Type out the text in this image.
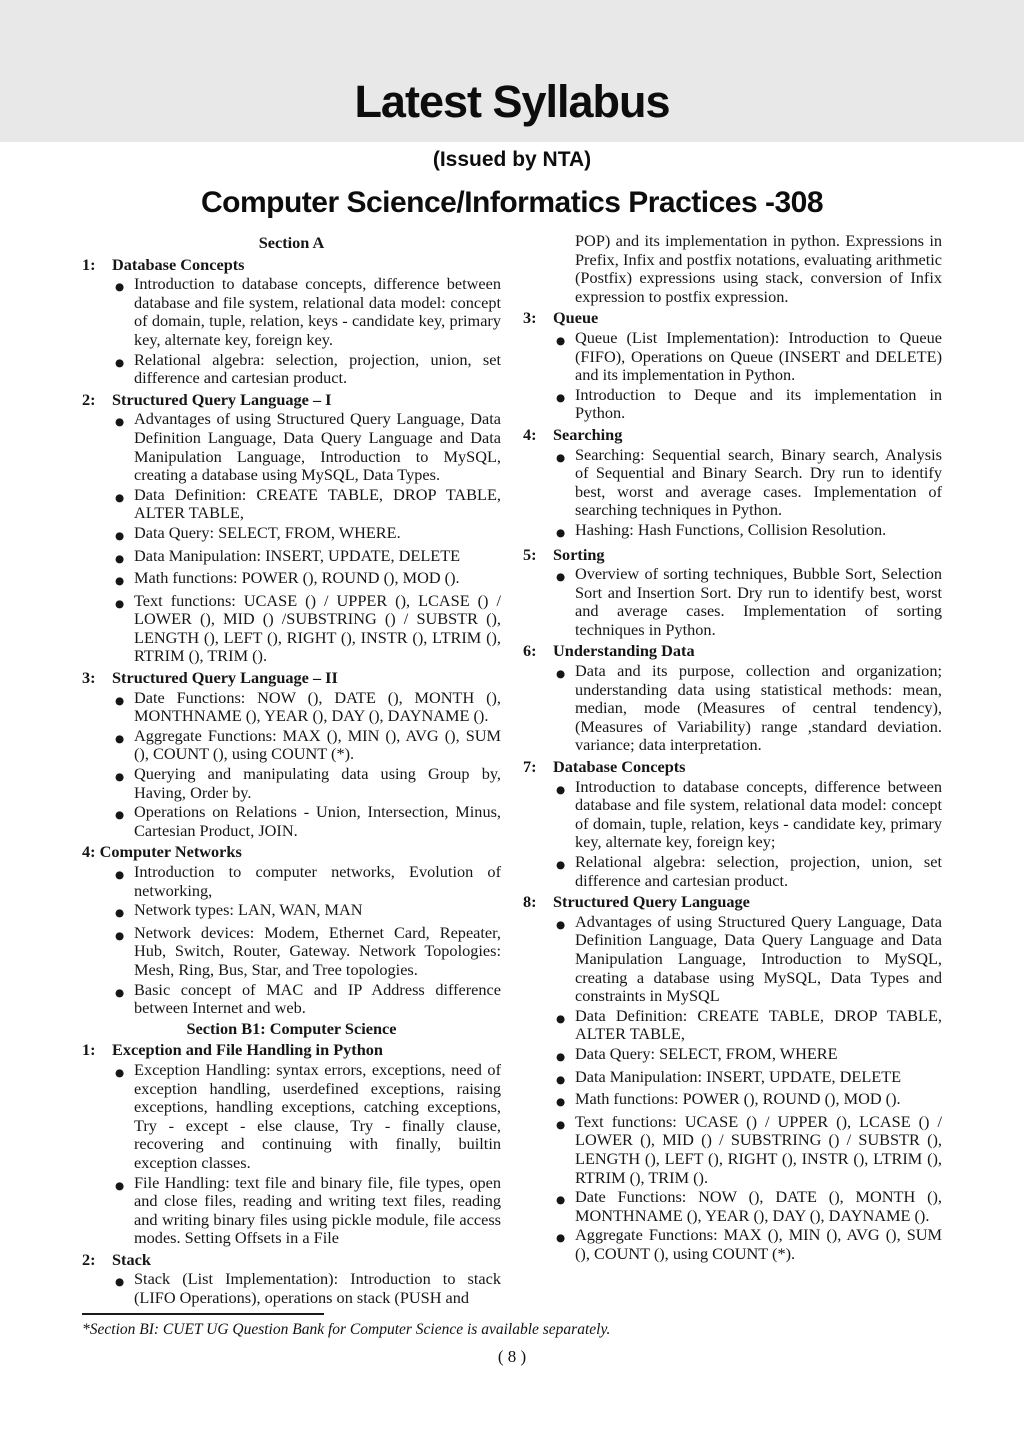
Latest Syllabus
(Issued by NTA)
Computer Science/Informatics Practices -308
Section A
1:	Database Concepts
● Introduction to database concepts, difference between database and file system, relational data model: concept of domain, tuple, relation, keys - candidate key, primary key, alternate key, foreign key.
● Relational algebra: selection, projection, union, set difference and cartesian product.
2:	Structured Query Language – I
● Advantages of using Structured Query Language, Data Definition Language, Data Query Language and Data Manipulation Language, Introduction to MySQL, creating a database using MySQL, Data Types.
● Data Definition: CREATE TABLE, DROP TABLE, ALTER TABLE,
● Data Query: SELECT, FROM, WHERE.
● Data Manipulation: INSERT, UPDATE, DELETE
● Math functions: POWER (), ROUND (), MOD ().
● Text functions: UCASE () / UPPER (), LCASE () / LOWER (), MID () /SUBSTRING () / SUBSTR (), LENGTH (), LEFT (), RIGHT (), INSTR (), LTRIM (), RTRIM (), TRIM ().
3:	Structured Query Language – II
● Date Functions: NOW (), DATE (), MONTH (), MONTHNAME (), YEAR (), DAY (), DAYNAME ().
● Aggregate Functions: MAX (), MIN (), AVG (), SUM (), COUNT (), using COUNT (*).
● Querying and manipulating data using Group by, Having, Order by.
● Operations on Relations - Union, Intersection, Minus, Cartesian Product, JOIN.
4: Computer Networks
● Introduction to computer networks, Evolution of networking,
● Network types: LAN, WAN, MAN
● Network devices: Modem, Ethernet Card, Repeater, Hub, Switch, Router, Gateway. Network Topologies: Mesh, Ring, Bus, Star, and Tree topologies.
● Basic concept of MAC and IP Address difference between Internet and web.
Section B1: Computer Science
1:	Exception and File Handling in Python
● Exception Handling: syntax errors, exceptions, need of exception handling, userdefined exceptions, raising exceptions, handling exceptions, catching exceptions, Try - except - else clause, Try - finally clause, recovering and continuing with finally, builtin exception classes.
● File Handling: text file and binary file, file types, open and close files, reading and writing text files, reading and writing binary files using pickle module, file access modes. Setting Offsets in a File
2:	Stack
● Stack (List Implementation): Introduction to stack (LIFO Operations), operations on stack (PUSH and
POP) and its implementation in python. Expressions in Prefix, Infix and postfix notations, evaluating arithmetic (Postfix) expressions using stack, conversion of Infix expression to postfix expression.
3:	Queue
● Queue (List Implementation): Introduction to Queue (FIFO), Operations on Queue (INSERT and DELETE) and its implementation in Python.
● Introduction to Deque and its implementation in Python.
4:	Searching
● Searching: Sequential search, Binary search, Analysis of Sequential and Binary Search. Dry run to identify best, worst and average cases. Implementation of searching techniques in Python.
● Hashing: Hash Functions, Collision Resolution.
5:	Sorting
● Overview of sorting techniques, Bubble Sort, Selection Sort and Insertion Sort. Dry run to identify best, worst and average cases. Implementation of sorting techniques in Python.
6:	Understanding Data
● Data and its purpose, collection and organization; understanding data using statistical methods: mean, median, mode (Measures of central tendency), (Measures of Variability) range ,standard deviation. variance; data interpretation.
7:	Database Concepts
● Introduction to database concepts, difference between database and file system, relational data model: concept of domain, tuple, relation, keys - candidate key, primary key, alternate key, foreign key;
● Relational algebra: selection, projection, union, set difference and cartesian product.
8:	Structured Query Language
● Advantages of using Structured Query Language, Data Definition Language, Data Query Language and Data Manipulation Language, Introduction to MySQL, creating a database using MySQL, Data Types and constraints in MySQL
● Data Definition: CREATE TABLE, DROP TABLE, ALTER TABLE,
● Data Query: SELECT, FROM, WHERE
● Data Manipulation: INSERT, UPDATE, DELETE
● Math functions: POWER (), ROUND (), MOD ().
● Text functions: UCASE () / UPPER (), LCASE () / LOWER (), MID () / SUBSTRING () / SUBSTR (), LENGTH (), LEFT (), RIGHT (), INSTR (), LTRIM (), RTRIM (), TRIM ().
● Date Functions: NOW (), DATE (), MONTH (), MONTHNAME (), YEAR (), DAY (), DAYNAME ().
● Aggregate Functions: MAX (), MIN (), AVG (), SUM (), COUNT (), using COUNT (*).
*Section BI: CUET UG Question Bank for Computer Science is available separately.
( 8 )
